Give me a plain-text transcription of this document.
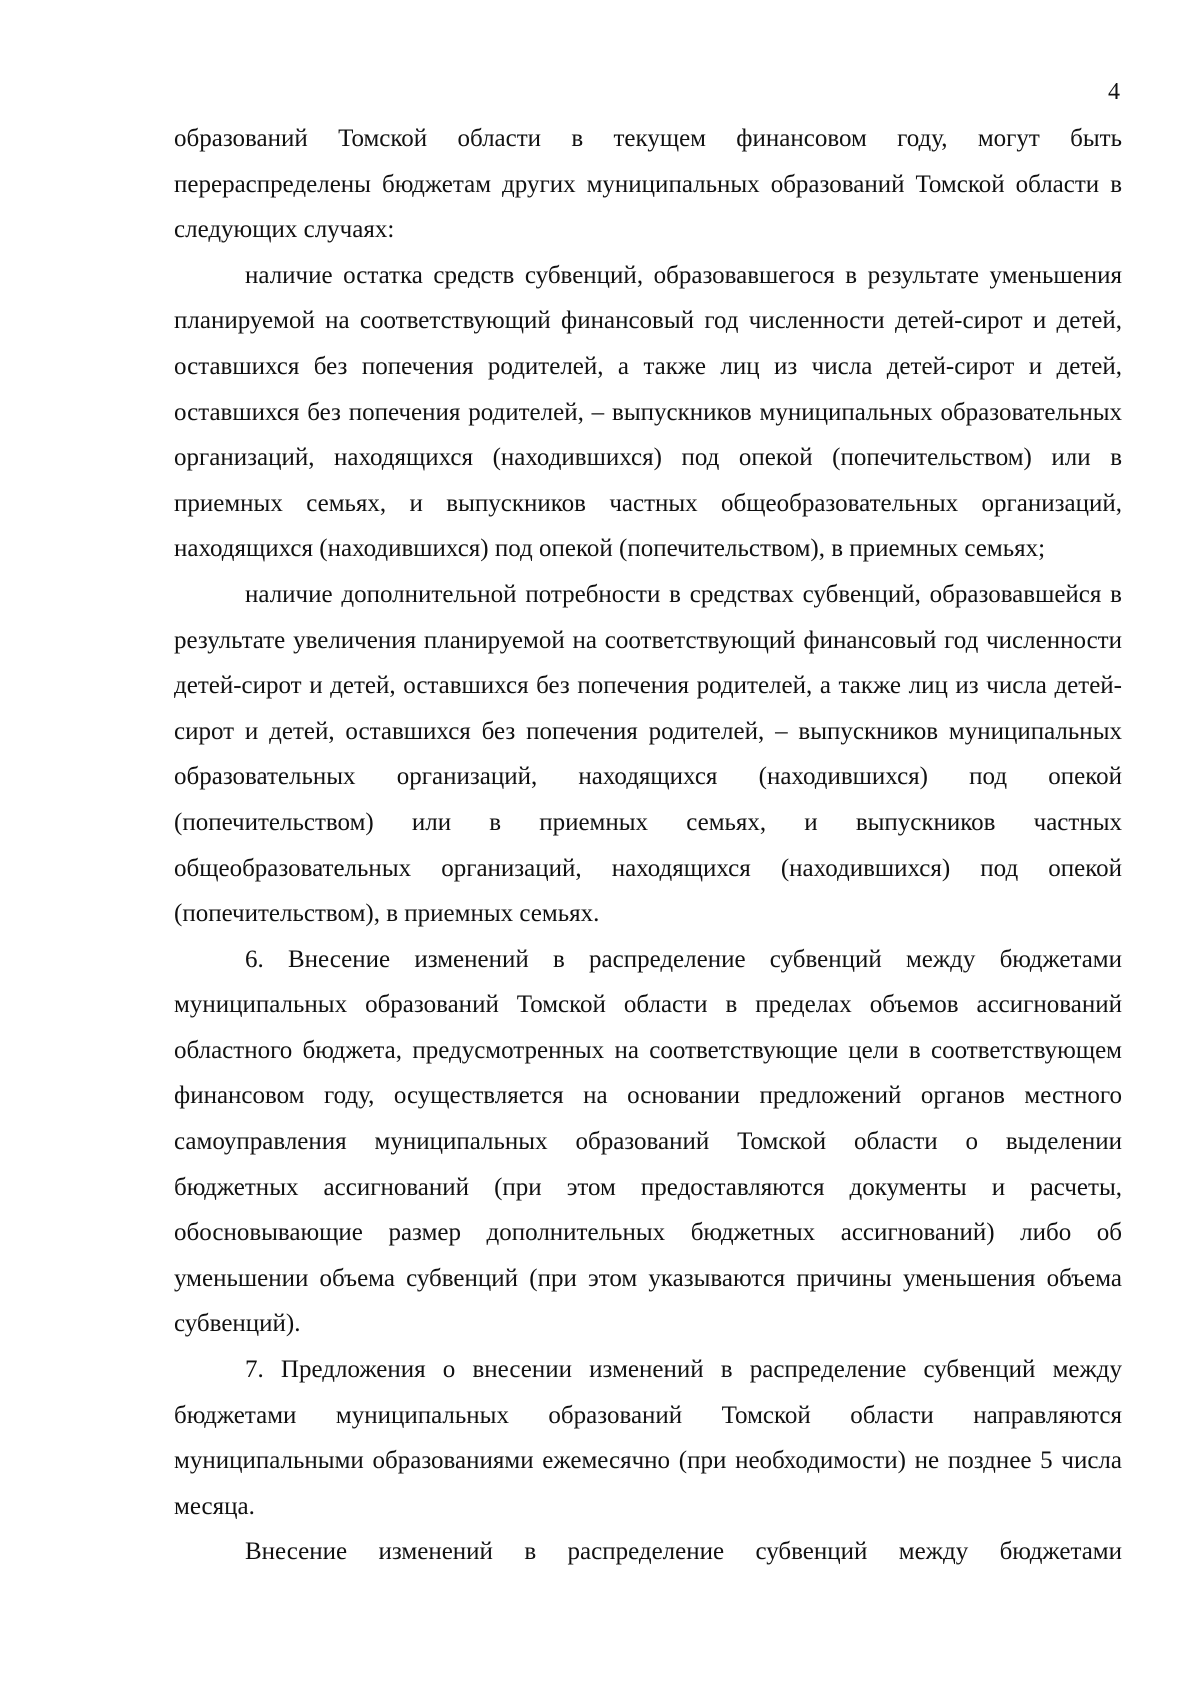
4

образований Томской области в текущем финансовом году, могут быть перераспределены бюджетам других муниципальных образований Томской области в следующих случаях:

наличие остатка средств субвенций, образовавшегося в результате уменьшения планируемой на соответствующий финансовый год численности детей-сирот и детей, оставшихся без попечения родителей, а также лиц из числа детей-сирот и детей, оставшихся без попечения родителей, – выпускников муниципальных образовательных организаций, находящихся (находившихся) под опекой (попечительством) или в приемных семьях, и выпускников частных общеобразовательных организаций, находящихся (находившихся) под опекой (попечительством), в приемных семьях;

наличие дополнительной потребности в средствах субвенций, образовавшейся в результате увеличения планируемой на соответствующий финансовый год численности детей-сирот и детей, оставшихся без попечения родителей, а также лиц из числа детей-сирот и детей, оставшихся без попечения родителей, – выпускников муниципальных образовательных организаций, находящихся (находившихся) под опекой (попечительством) или в приемных семьях, и выпускников частных общеобразовательных организаций, находящихся (находившихся) под опекой (попечительством), в приемных семьях.

6. Внесение изменений в распределение субвенций между бюджетами муниципальных образований Томской области в пределах объемов ассигнований областного бюджета, предусмотренных на соответствующие цели в соответствующем финансовом году, осуществляется на основании предложений органов местного самоуправления муниципальных образований Томской области о выделении бюджетных ассигнований (при этом предоставляются документы и расчеты, обосновывающие размер дополнительных бюджетных ассигнований) либо об уменьшении объема субвенций (при этом указываются причины уменьшения объема субвенций).

7. Предложения о внесении изменений в распределение субвенций между бюджетами муниципальных образований Томской области направляются муниципальными образованиями ежемесячно (при необходимости) не позднее 5 числа месяца.

Внесение изменений в распределение субвенций между бюджетами
